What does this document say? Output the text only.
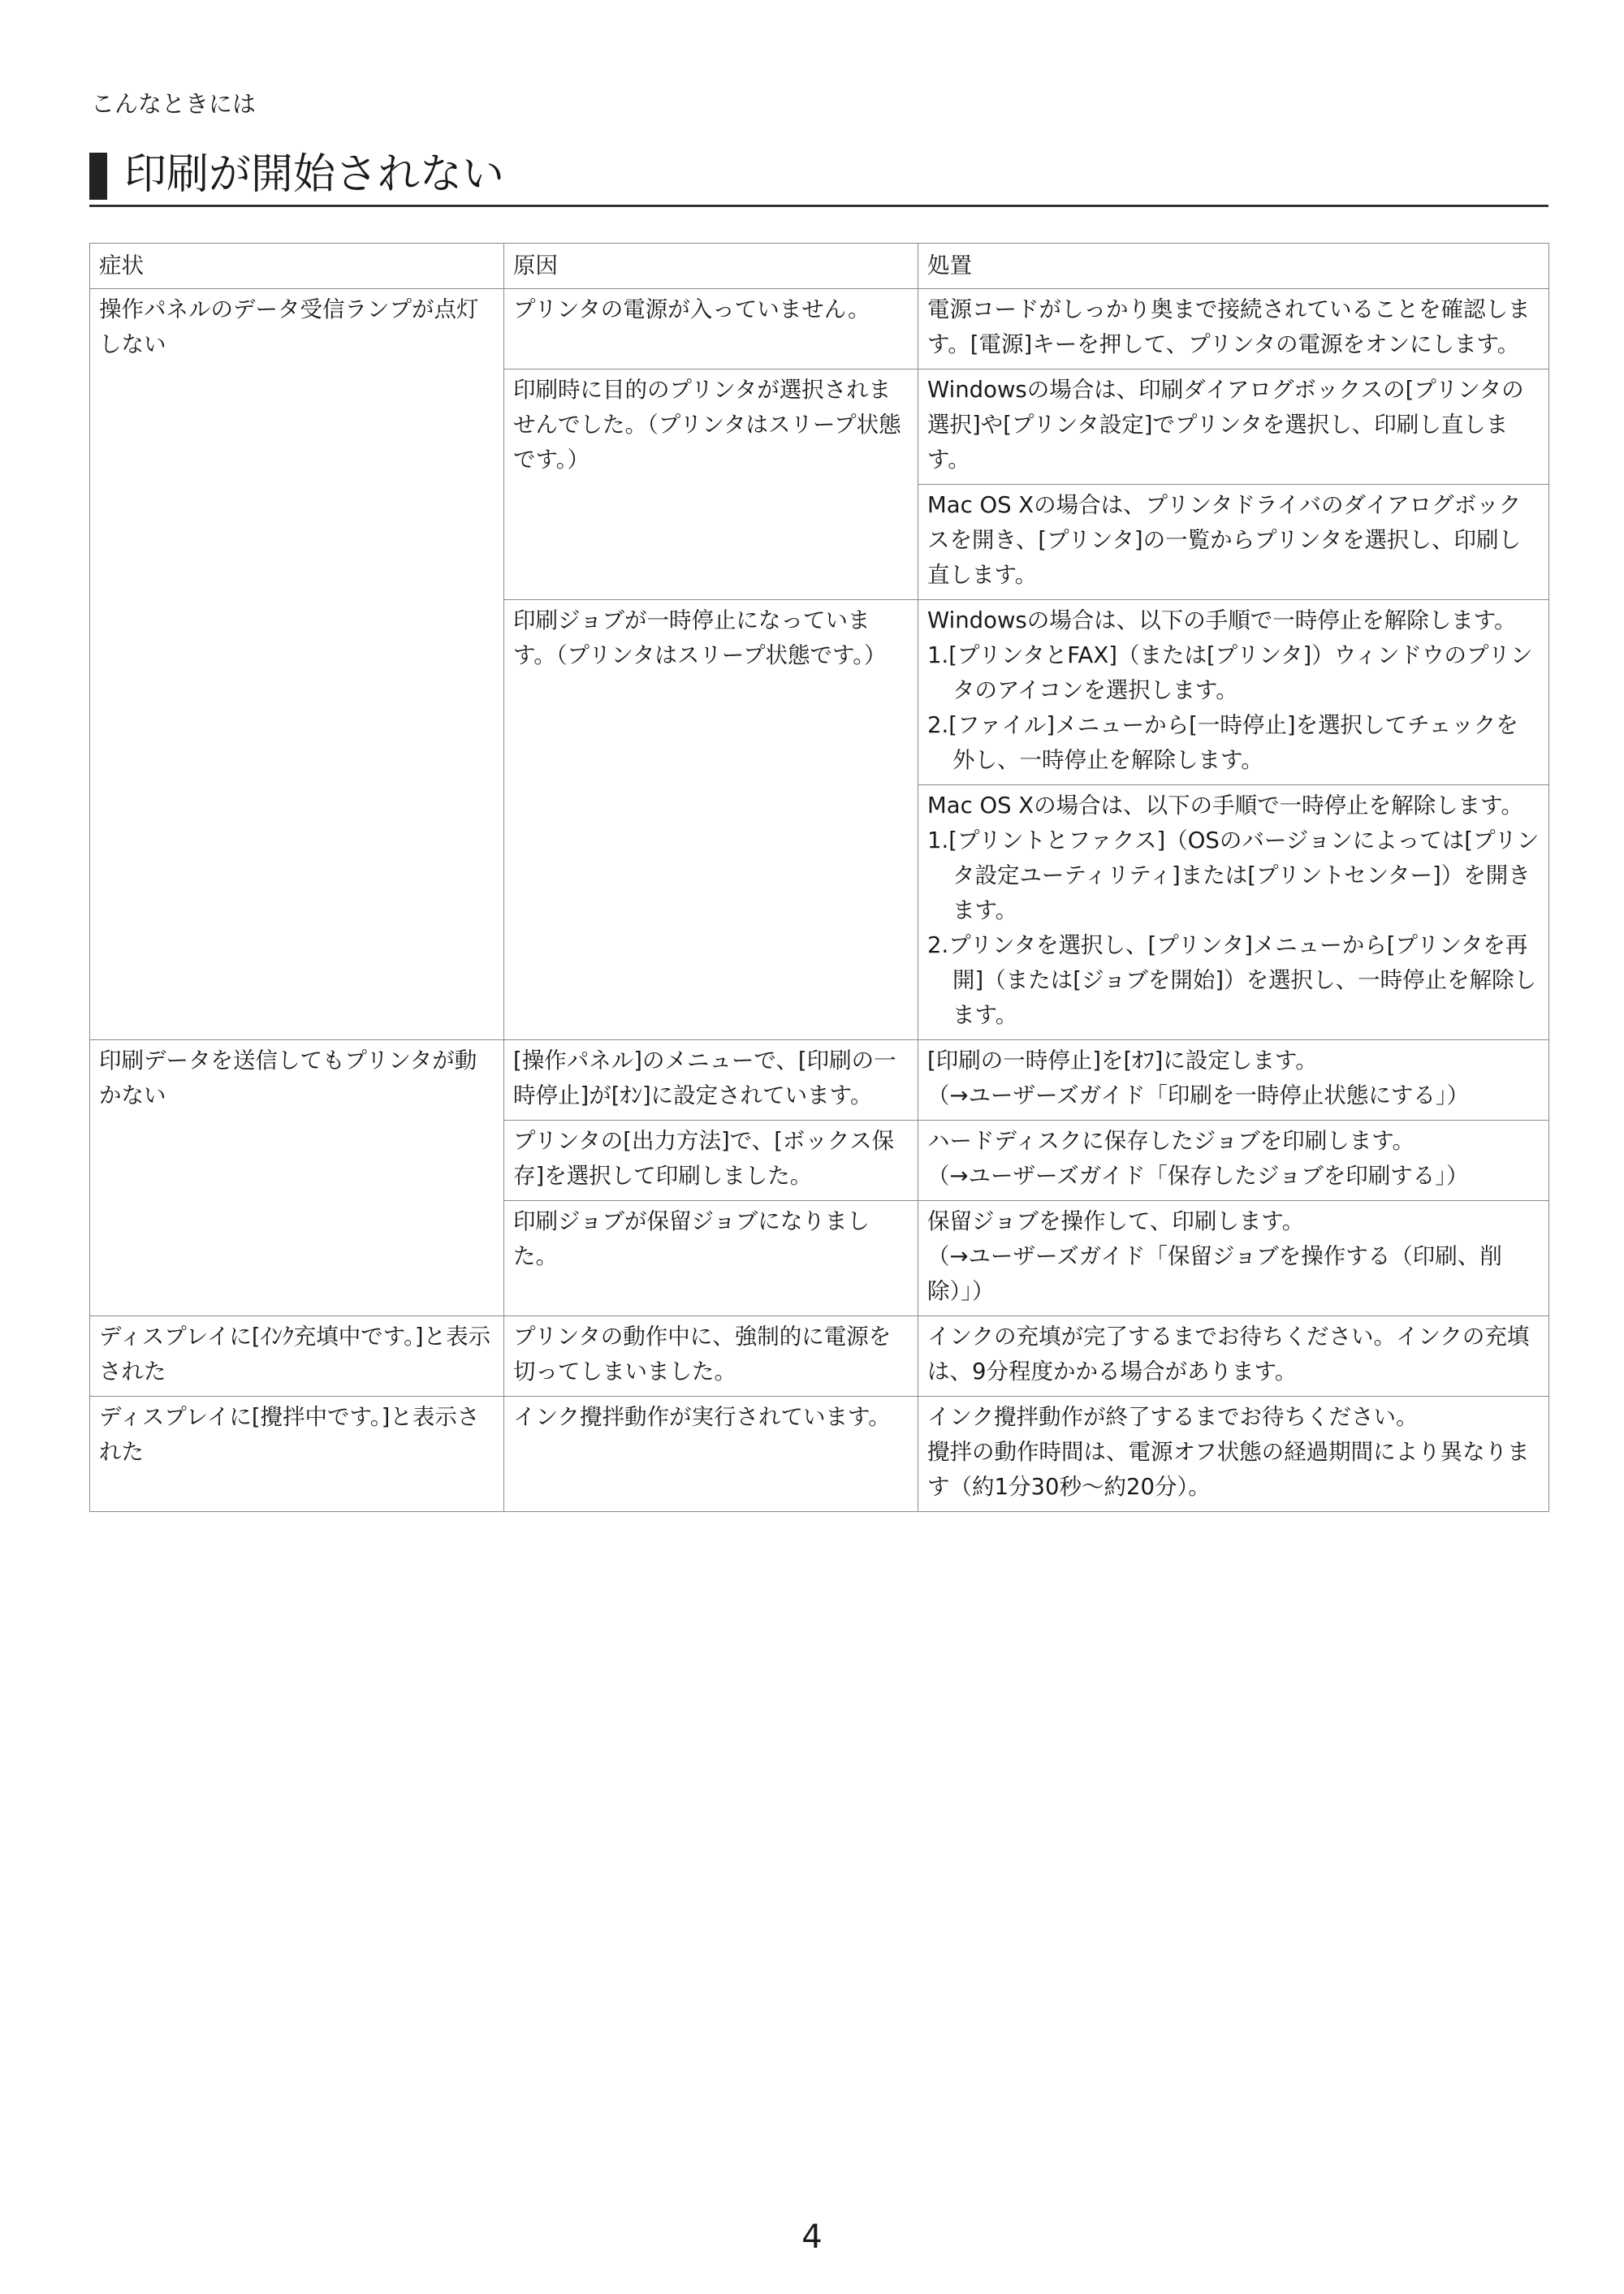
こんなときには
印刷が開始されない
症状	原因	処置
操作パネルのデータ受信ランプが点灯しない	プリンタの電源が入っていません。	電源コードがしっかり奥まで接続されていることを確認します。[電源]キーを押して、プリンタの電源をオンにします。

	印刷時に目的のプリンタが選択されませんでした。（プリンタはスリープ状態です。）	Windowsの場合は、印刷ダイアログボックスの[プリンタの選択]や[プリンタ設定]でプリンタを選択し、印刷し直します。

		Mac OS Xの場合は、プリンタドライバのダイアログボックスを開き、[プリンタ]の一覧からプリンタを選択し、印刷し直します。

	印刷ジョブが一時停止になっています。（プリンタはスリープ状態です。）	Windowsの場合は、以下の手順で一時停止を解除します。
1.[プリンタとFAX]（または[プリンタ]）ウィンドウのプリンタのアイコンを選択します。
2.[ファイル]メニューから[一時停止]を選択してチェックを外し、一時停止を解除します。

		Mac OS Xの場合は、以下の手順で一時停止を解除します。
1.[プリントとファクス]（OSのバージョンによっては[プリンタ設定ユーティリティ]または[プリントセンター]）を開きます。
2.プリンタを選択し、[プリンタ]メニューから[プリンタを再開]（または[ジョブを開始]）を選択し、一時停止を解除します。

印刷データを送信してもプリンタが動かない	[操作パネル]のメニューで、[印刷の一時停止]が[ｵﾝ]に設定されています。	[印刷の一時停止]を[ｵﾌ]に設定します。
（→ユーザーズガイド「印刷を一時停止状態にする」）

	プリンタの[出力方法]で、[ボックス保存]を選択して印刷しました。	ハードディスクに保存したジョブを印刷します。
（→ユーザーズガイド「保存したジョブを印刷する」）

	印刷ジョブが保留ジョブになりました。	保留ジョブを操作して、印刷します。
（→ユーザーズガイド「保留ジョブを操作する（印刷、削除）」）

ディスプレイに[ｲﾝｸ充填中です。]と表示された	プリンタの動作中に、強制的に電源を切ってしまいました。	インクの充填が完了するまでお待ちください。インクの充填は、9分程度かかる場合があります。

ディスプレイに[攪拌中です。]と表示された	インク攪拌動作が実行されています。	インク攪拌動作が終了するまでお待ちください。
攪拌の動作時間は、電源オフ状態の経過期間により異なります（約1分30秒〜約20分）。
4
